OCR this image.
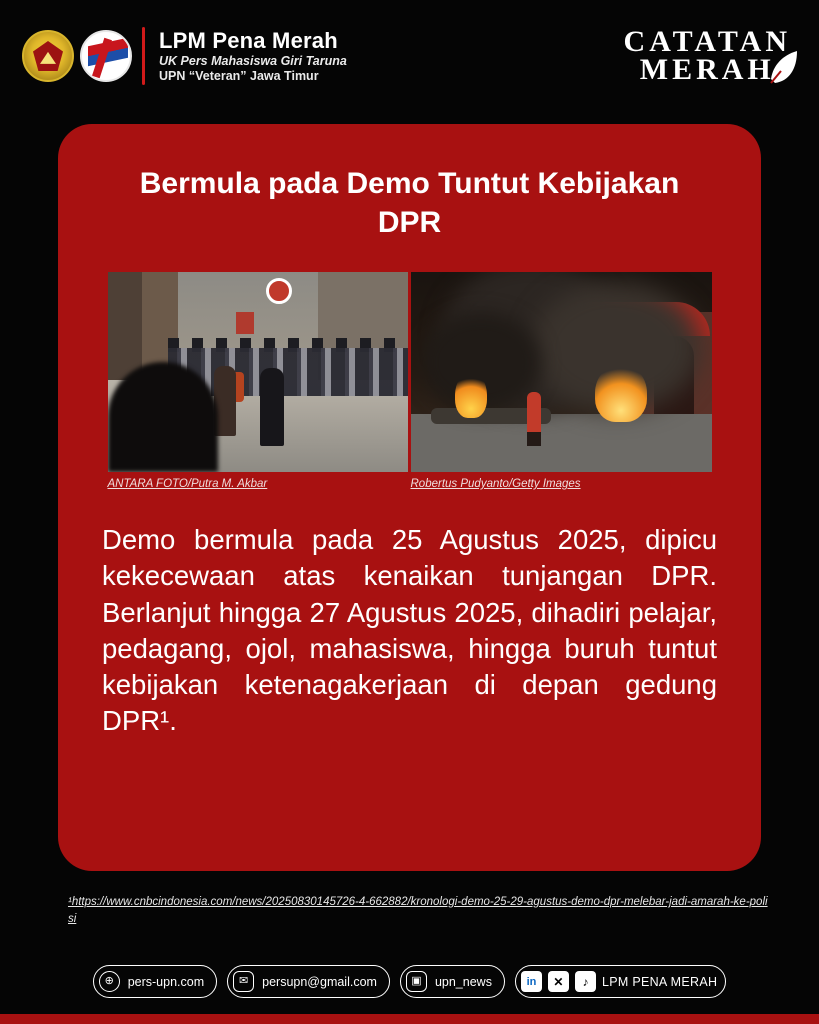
LPM Pena Merah
UK Pers Mahasiswa Giri Taruna
UPN “Veteran” Jawa Timur
CATATAN
MERAH
Bermula pada Demo Tuntut Kebijakan DPR
ANTARA FOTO/Putra M. Akbar	Robertus Pudyanto/Getty Images
Demo bermula pada 25 Agustus 2025, dipicu kekecewaan atas kenaikan tunjangan DPR. Berlanjut hingga 27 Agustus 2025, dihadiri pelajar, pedagang, ojol, mahasiswa, hingga buruh tuntut kebijakan ketenagakerjaan di depan gedung DPR¹.
¹https://www.cnbcindonesia.com/news/20250830145726-4-662882/kronologi-demo-25-29-agustus-demo-dpr-melebar-jadi-amarah-ke-polisi
⊕	pers-upn.com	✉	persupn@gmail.com	▣	upn_news	in	✕	♪	LPM PENA MERAH
